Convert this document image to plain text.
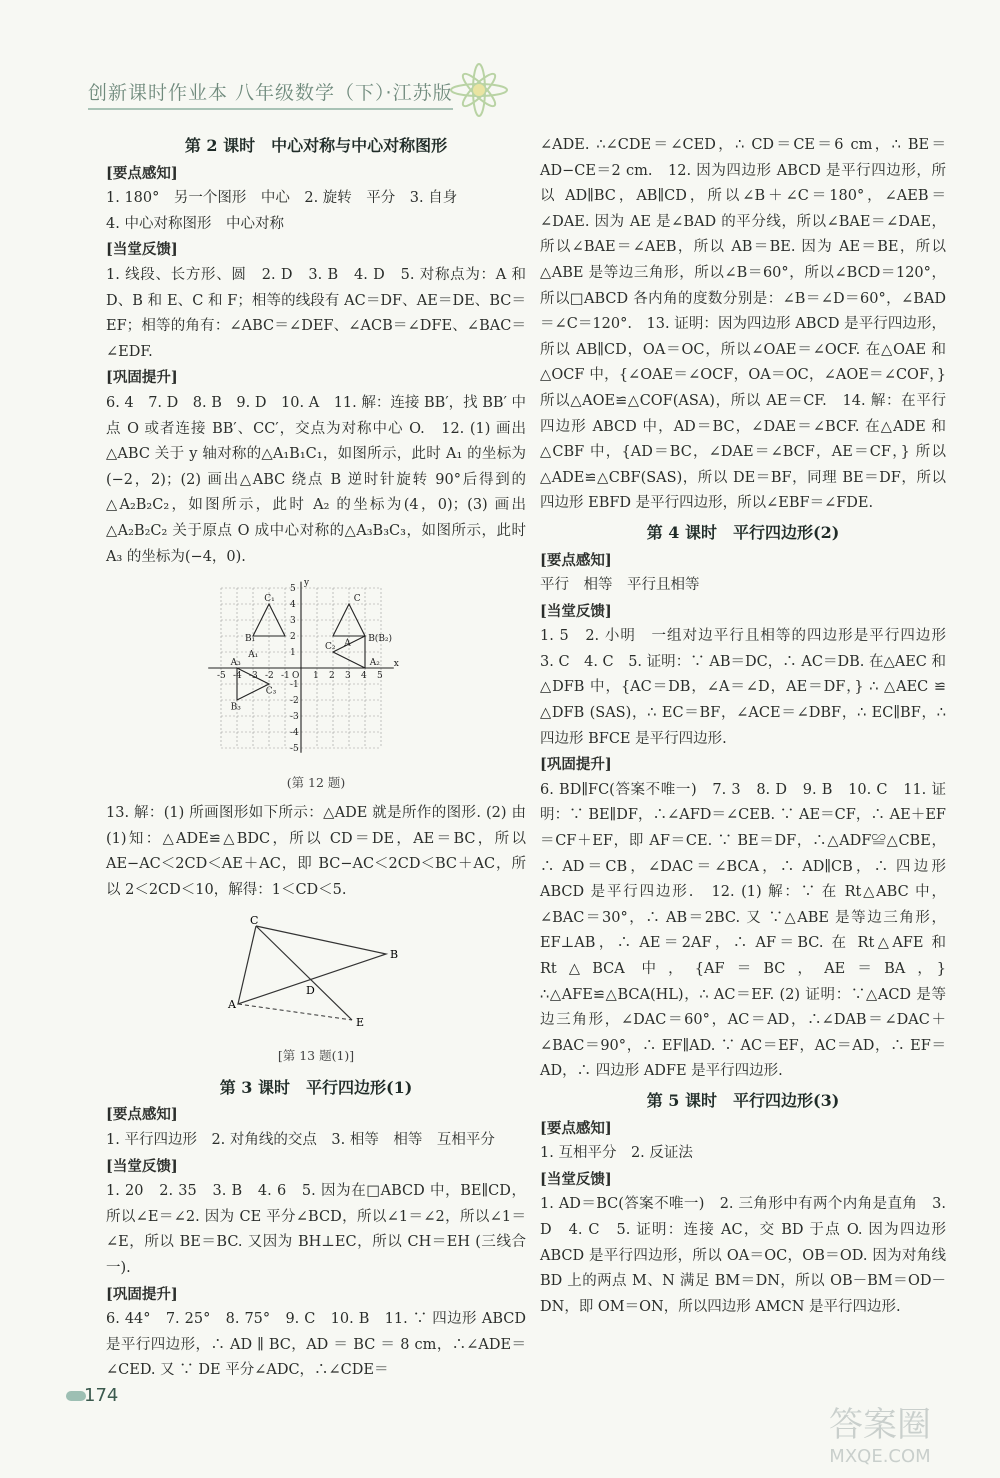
创新课时作业本 八年级数学（下）·江苏版
第 2 课时　中心对称与中心对称图形
[要点感知]

1. 180°　另一个图形　中心　2. 旋转　平分　3. 自身

4. 中心对称图形　中心对称

[当堂反馈]

1. 线段、长方形、圆　2. D　3. B　4. D　5. 对称点为：A 和 D、B 和 E、C 和 F；相等的线段有 AC＝DF、AE＝DE、BC＝EF；相等的角有：∠ABC＝∠DEF、∠ACB＝∠DFE、∠BAC＝∠EDF.

[巩固提升]

6. 4　7. D　8. B　9. D　10. A　11. 解：连接 BB′，找 BB′ 中点 O 或者连接 BB′、CC′，交点为对称中心 O.　12. (1) 画出△ABC 关于 y 轴对称的△A₁B₁C₁，如图所示，此时 A₁ 的坐标为(−2，2)；(2) 画出△ABC 绕点 B 逆时针旋转 90°后得到的△A₂B₂C₂，如图所示，此时 A₂ 的坐标为(4，0)；(3) 画出△A₂B₂C₂ 关于原点 O 成中心对称的△A₃B₃C₃，如图所示，此时 A₃ 的坐标为(−4，0).

x
y
O
-5 -4 -3 -2 -1	1 2 3 4 5
5
4
3
2
1
-1
-2
-3
-4
-5
C₁
A₁
B₁
C
A B(B₂)
A₂
C₂
A₃
B₃
C₃
(第 12 题)

13. 解：(1) 所画图形如下所示：△ADE 就是所作的图形. (2) 由(1)知：△ADE≌△BDC，所以 CD＝DE，AE＝BC，所以 AE−AC＜2CD＜AE＋AC，即 BC−AC＜2CD＜BC＋AC，所以 2＜2CD＜10，解得：1＜CD＜5.

C
B
A
D
E
[第 13 题(1)]
第 3 课时　平行四边形(1)
[要点感知]

1. 平行四边形　2. 对角线的交点　3. 相等　相等　互相平分

[当堂反馈]

1. 20　2. 35　3. B　4. 6　5. 因为在□ABCD 中，BE∥CD，所以∠E＝∠2. 因为 CE 平分∠BCD，所以∠1＝∠2，所以∠1＝∠E，所以 BE＝BC. 又因为 BH⊥EC，所以 CH＝EH (三线合一).

[巩固提升]

6. 44°　7. 25°　8. 75°　9. C　10. B　11. ∵ 四边形 ABCD 是平行四边形，∴ AD ∥ BC，AD ＝ BC ＝ 8 cm，∴∠ADE＝∠CED. 又 ∵ DE 平分∠ADC，∴∠CDE＝

∠ADE. ∴∠CDE＝∠CED，∴ CD＝CE＝6 cm，∴ BE＝AD−CE＝2 cm.　12. 因为四边形 ABCD 是平行四边形，所以 AD∥BC，AB∥CD，所以∠B＋∠C＝180°，∠AEB＝∠DAE. 因为 AE 是∠BAD 的平分线，所以∠BAE＝∠DAE，所以∠BAE＝∠AEB，所以 AB＝BE. 因为 AE＝BE，所以△ABE 是等边三角形，所以∠B＝60°，所以∠BCD＝120°，所以□ABCD 各内角的度数分别是：∠B＝∠D＝60°，∠BAD＝∠C＝120°.　13. 证明：因为四边形 ABCD 是平行四边形，所以 AB∥CD，OA＝OC，所以∠OAE＝∠OCF. 在△OAE 和△OCF 中，{∠OAE＝∠OCF，OA＝OC，∠AOE＝∠COF，} 所以△AOE≌△COF(ASA)，所以 AE＝CF.　14. 解：在平行四边形 ABCD 中，AD＝BC，∠DAE＝∠BCF. 在△ADE 和△CBF 中，{AD＝BC，∠DAE＝∠BCF，AE＝CF，} 所以△ADE≌△CBF(SAS)，所以 DE＝BF，同理 BE＝DF，所以四边形 EBFD 是平行四边形，所以∠EBF＝∠FDE.

第 4 课时　平行四边形(2)
[要点感知]

平行　相等　平行且相等

[当堂反馈]

1. 5　2. 小明　一组对边平行且相等的四边形是平行四边形　3. C　4. C　5. 证明：∵ AB＝DC，∴ AC＝DB. 在△AEC 和△DFB 中，{AC＝DB，∠A＝∠D，AE＝DF，} ∴ △AEC ≌ △DFB (SAS)，∴ EC＝BF，∠ACE＝∠DBF，∴ EC∥BF，∴ 四边形 BFCE 是平行四边形.

[巩固提升]

6. BD∥FC(答案不唯一)　7. 3　8. D　9. B　10. C　11. 证明：∵ BE∥DF，∴∠AFD＝∠CEB. ∵ AE＝CF，∴ AE＋EF＝CF＋EF，即 AF＝CE. ∵ BE＝DF，∴△ADF≌△CBE，∴ AD＝CB，∠DAC＝∠BCA，∴ AD∥CB，∴ 四边形 ABCD 是平行四边形.　12. (1) 解：∵ 在 Rt△ABC 中，∠BAC＝30°，∴ AB＝2BC. 又 ∵△ABE 是等边三角形，EF⊥AB，∴ AE＝2AF，∴ AF＝BC. 在 Rt△AFE 和 Rt△BCA 中，{AF＝BC，AE＝BA，} ∴△AFE≌△BCA(HL)，∴ AC＝EF. (2) 证明：∵△ACD 是等边三角形，∠DAC＝60°，AC＝AD，∴∠DAB＝∠DAC＋∠BAC＝90°，∴ EF∥AD. ∵ AC＝EF，AC＝AD，∴ EF＝AD，∴ 四边形 ADFE 是平行四边形.

第 5 课时　平行四边形(3)
[要点感知]

1. 互相平分　2. 反证法

[当堂反馈]

1. AD＝BC(答案不唯一)　2. 三角形中有两个内角是直角　3. D　4. C　5. 证明：连接 AC，交 BD 于点 O. 因为四边形 ABCD 是平行四边形，所以 OA＝OC，OB＝OD. 因为对角线 BD 上的两点 M、N 满足 BM＝DN，所以 OB－BM＝OD－DN，即 OM＝ON，所以四边形 AMCN 是平行四边形.

174
答案圈
MXQE.COM
